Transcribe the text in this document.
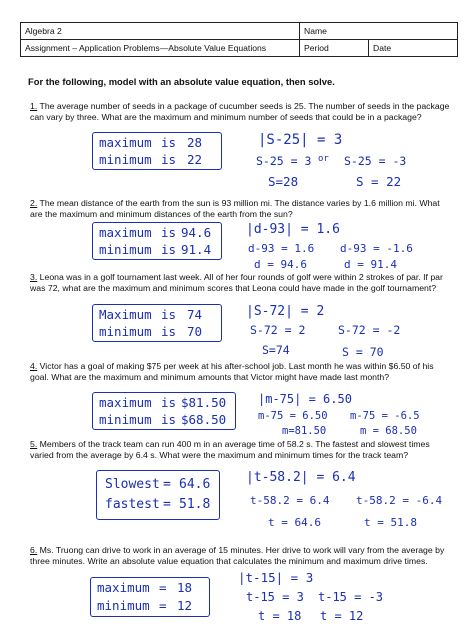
Algebra 2	Name	
Assignment – Application Problems—Absolute Value Equations	Period	Date
For the following, model with an absolute value equation, then solve.
1. The average number of seeds in a package of cucumber seeds is 25. The number of seeds in the package can vary by three. What are the maximum and minimum number of seeds that could be in a package?
maximum is 28
minimum is 22
|S-25| = 3
S-25 = 3 or S-25 = -3
S=28	S = 22
2. The mean distance of the earth from the sun is 93 million mi. The distance varies by 1.6 million mi. What are the maximum and minimum distances of the earth from the sun?
maximum is 94.6
minimum is 91.4
|d-93| = 1.6
d-93 = 1.6 d-93 = -1.6
d = 94.6	d = 91.4
3. Leona was in a golf tournament last week. All of her four rounds of golf were within 2 strokes of par. If par was 72, what are the maximum and minimum scores that Leona could have made in the golf tournament?
Maximum is 74
minimum is 70
|S-72| = 2
S-72 = 2	S-72 = -2
S=74	S = 70
4. Victor has a goal of making $75 per week at his after-school job. Last month he was within $6.50 of his goal. What are the maximum and minimum amounts that Victor might have made last month?
maximum is $81.50
minimum is $68.50
|m-75| = 6.50
m-75 = 6.50 m-75 = -6.5
m=81.50	m = 68.50
5. Members of the track team can run 400 m in an average time of 58.2 s. The fastest and slowest times varied from the average by 6.4 s. What were the maximum and minimum times for the track team?
Slowest = 64.6
fastest = 51.8
|t-58.2| = 6.4
t-58.2 = 6.4 t-58.2 = -6.4
t = 64.6	t = 51.8
6. Ms. Truong can drive to work in an average of 15 minutes. Her drive to work will vary from the average by three minutes. Write an absolute value equation that calculates the minimum and maximum drive times.
maximum = 18
minimum = 12
|t-15| = 3
t-15 = 3 t-15 = -3
t = 18 t = 12
